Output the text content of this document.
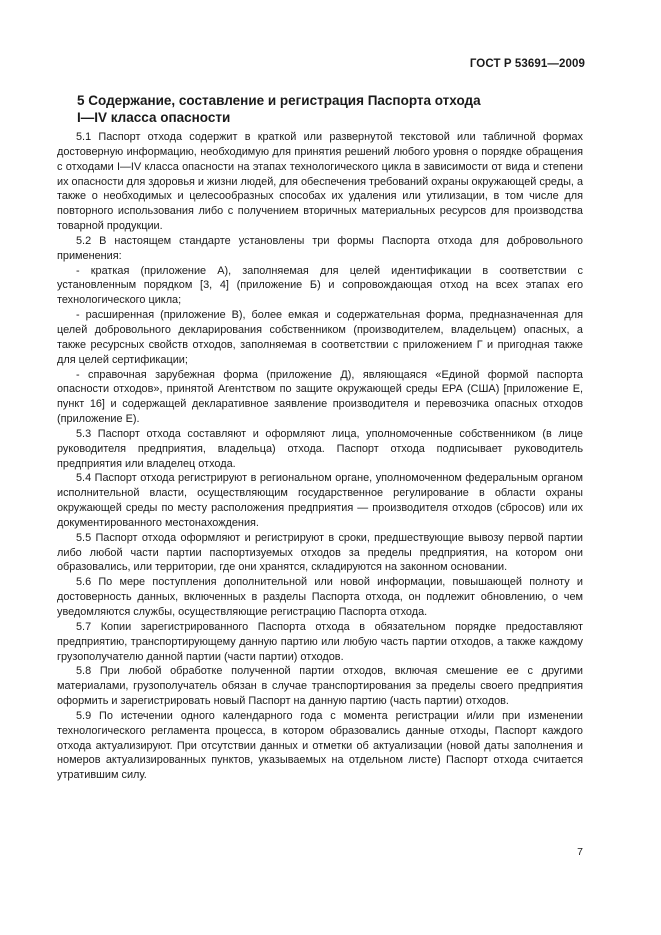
ГОСТ Р 53691—2009
5 Содержание, составление и регистрация Паспорта отхода
I—IV класса опасности

5.1 Паспорт отхода содержит в краткой или развернутой текстовой или табличной формах достоверную информацию, необходимую для принятия решений любого уровня о порядке обращения с отходами I—IV класса опасности на этапах технологического цикла в зависимости от вида и степени их опасности для здоровья и жизни людей, для обеспечения требований охраны окружающей среды, а также о необходимых и целесообразных способах их удаления или утилизации, в том числе для повторного использования либо с получением вторичных материальных ресурсов для производства товарной продукции.

5.2 В настоящем стандарте установлены три формы Паспорта отхода для добровольного применения:

- краткая (приложение А), заполняемая для целей идентификации в соответствии с установленным порядком [3, 4] (приложение Б) и сопровождающая отход на всех этапах его технологического цикла;

- расширенная (приложение В), более емкая и содержательная форма, предназначенная для целей добровольного декларирования собственником (производителем, владельцем) опасных, а также ресурсных свойств отходов, заполняемая в соответствии с приложением Г и пригодная также для целей сертификации;

- справочная зарубежная форма (приложение Д), являющаяся «Единой формой паспорта опасности отходов», принятой Агентством по защите окружающей среды ЕРА (США) [приложение Е, пункт 16] и содержащей декларативное заявление производителя и перевозчика опасных отходов (приложение Е).

5.3 Паспорт отхода составляют и оформляют лица, уполномоченные собственником (в лице руководителя предприятия, владельца) отхода. Паспорт отхода подписывает руководитель предприятия или владелец отхода.

5.4 Паспорт отхода регистрируют в региональном органе, уполномоченном федеральным органом исполнительной власти, осуществляющим государственное регулирование в области охраны окружающей среды по месту расположения предприятия — производителя отходов (сбросов) или их документированного местонахождения.

5.5 Паспорт отхода оформляют и регистрируют в сроки, предшествующие вывозу первой партии либо любой части партии паспортизуемых отходов за пределы предприятия, на котором они образовались, или территории, где они хранятся, складируются на законном основании.

5.6 По мере поступления дополнительной или новой информации, повышающей полноту и достоверность данных, включенных в разделы Паспорта отхода, он подлежит обновлению, о чем уведомляются службы, осуществляющие регистрацию Паспорта отхода.

5.7 Копии зарегистрированного Паспорта отхода в обязательном порядке предоставляют предприятию, транспортирующему данную партию или любую часть партии отходов, а также каждому грузополучателю данной партии (части партии) отходов.

5.8 При любой обработке полученной партии отходов, включая смешение ее с другими материалами, грузополучатель обязан в случае транспортирования за пределы своего предприятия оформить и зарегистрировать новый Паспорт на данную партию (часть партии) отходов.

5.9 По истечении одного календарного года с момента регистрации и/или при изменении технологического регламента процесса, в котором образовались данные отходы, Паспорт каждого отхода актуализируют. При отсутствии данных и отметки об актуализации (новой даты заполнения и номеров актуализированных пунктов, указываемых на отдельном листе) Паспорт отхода считается утратившим силу.

7
